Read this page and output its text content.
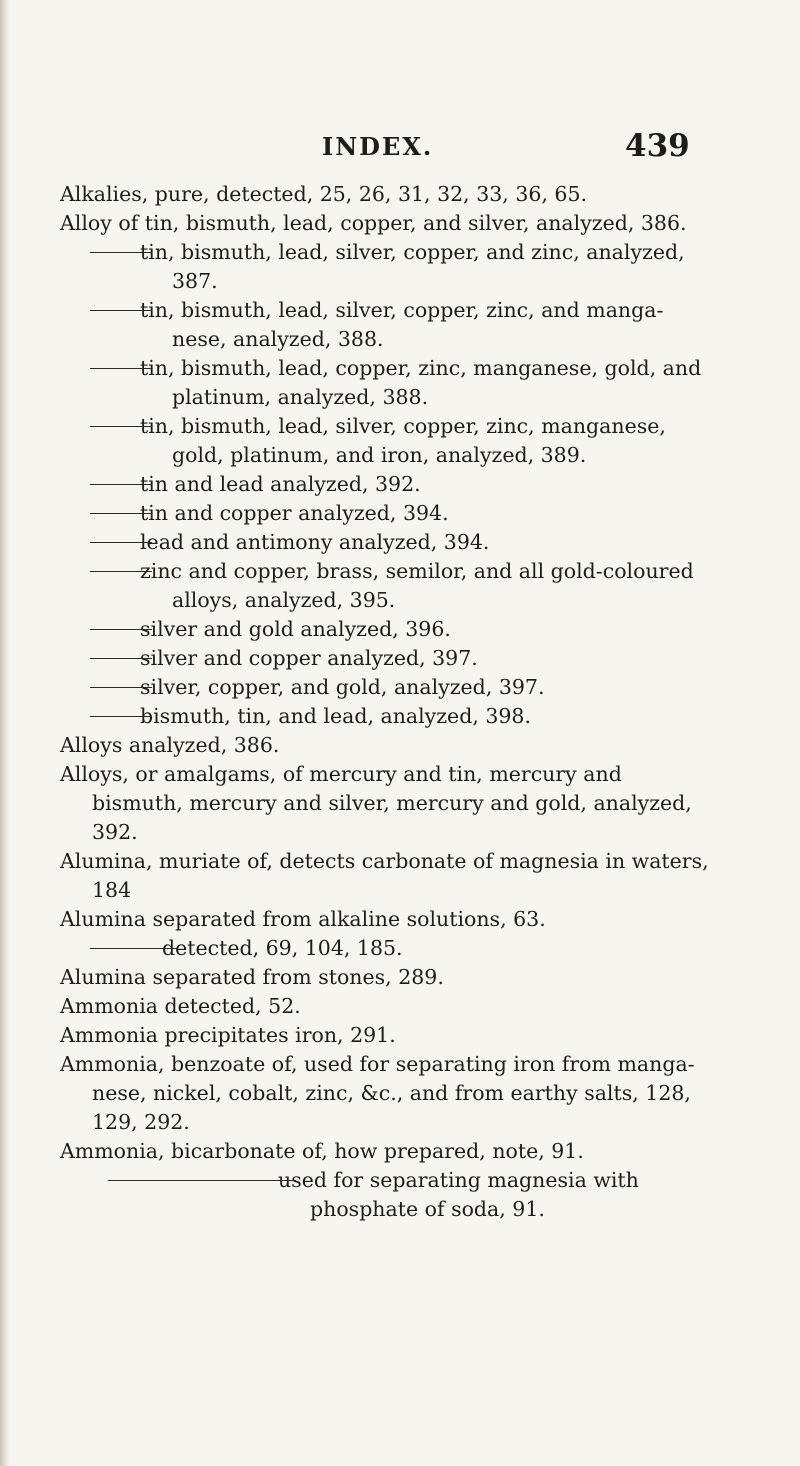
INDEX.	439
Alkalies, pure, detected, 25, 26, 31, 32, 33, 36, 65.
Alloy of tin, bismuth, lead, copper, and silver, analyzed, 386.
tin, bismuth, lead, silver, copper, and zinc, analyzed, 387.
tin, bismuth, lead, silver, copper, zinc, and manga- nese, analyzed, 388.
tin, bismuth, lead, copper, zinc, manganese, gold, and platinum, analyzed, 388.
tin, bismuth, lead, silver, copper, zinc, manganese, gold, platinum, and iron, analyzed, 389.
tin and lead analyzed, 392.
tin and copper analyzed, 394.
lead and antimony analyzed, 394.
zinc and copper, brass, semilor, and all gold-coloured alloys, analyzed, 395.
silver and gold analyzed, 396.
silver and copper analyzed, 397.
silver, copper, and gold, analyzed, 397.
bismuth, tin, and lead, analyzed, 398.
Alloys analyzed, 386.
Alloys, or amalgams, of mercury and tin, mercury and bismuth, mercury and silver, mercury and gold, analyzed, 392.
Alumina, muriate of, detects carbonate of magnesia in waters, 184
Alumina separated from alkaline solutions, 63.
detected, 69, 104, 185.
Alumina separated from stones, 289.
Ammonia detected, 52.
Ammonia precipitates iron, 291.
Ammonia, benzoate of, used for separating iron from manga- nese, nickel, cobalt, zinc, &c., and from earthy salts, 128, 129, 292.
Ammonia, bicarbonate of, how prepared, note, 91.
used for separating magnesia with phosphate of soda, 91.
